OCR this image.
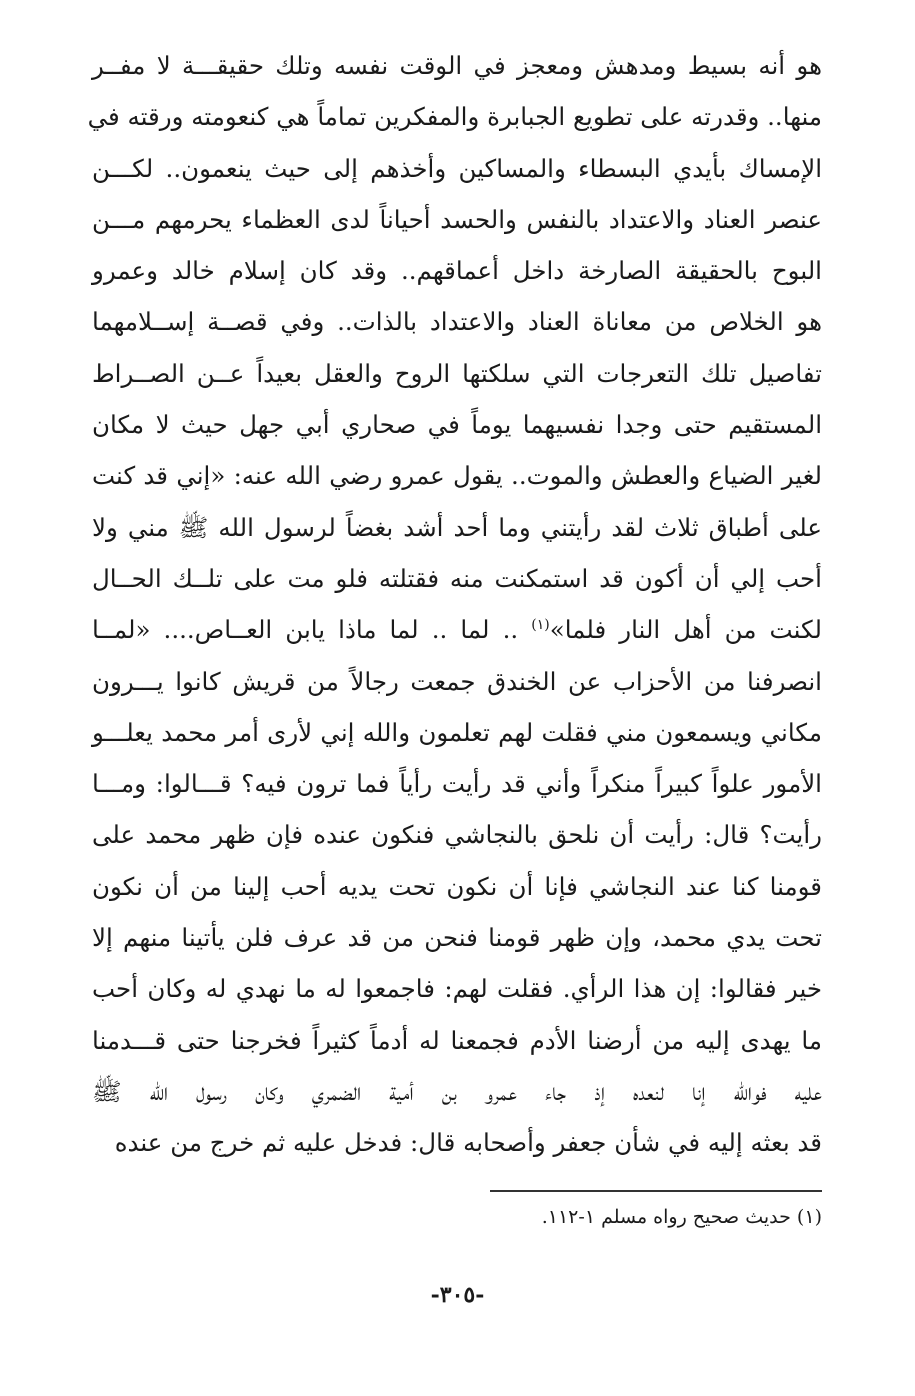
هو أنه بسيط ومدهش ومعجز في الوقت نفسه وتلك حقيقـــة لا مفــر
منها.. وقدرته على تطويع الجبابرة والمفكرين تماماً هي كنعومته ورقته في
الإمساك بأيدي البسطاء والمساكين وأخذهم إلى حيث ينعمون.. لكـــن
عنصر العناد والاعتداد بالنفس والحسد أحياناً لدى العظماء يحرمهم مـــن
البوح بالحقيقة الصارخة داخل أعماقهم.. وقد كان إسلام خالد وعمرو
هو الخلاص من معاناة العناد والاعتداد بالذات.. وفي قصــة إســلامهما
تفاصيل تلك التعرجات التي سلكتها الروح والعقل بعيداً عــن الصــراط
المستقيم حتى وجدا نفسيهما يوماً في صحاري أبي جهل حيث لا مكان
لغير الضياع والعطش والموت.. يقول عمرو رضي الله عنه: «إني قد كنت
على أطباق ثلاث لقد رأيتني وما أحد أشد بغضاً لرسول الله ﷺ مني ولا
أحب إلي أن أكون قد استمكنت منه فقتلته فلو مت على تلــك الحــال
لكنت من أهل النار فلما»$^{(١)}$ .. لما .. لما ماذا يابن العــاص.... «لمــا
انصرفنا من الأحزاب عن الخندق جمعت رجالاً من قريش كانوا يـــرون
مكاني ويسمعون مني فقلت لهم تعلمون والله إني لأرى أمر محمد يعلـــو
الأمور علواً كبيراً منكراً وأني قد رأيت رأياً فما ترون فيه؟ قـــالوا: ومـــا
رأيت؟ قال: رأيت أن نلحق بالنجاشي فنكون عنده فإن ظهر محمد على
قومنا كنا عند النجاشي فإنا أن نكون تحت يديه أحب إلينا من أن نكون
تحت يدي محمد، وإن ظهر قومنا فنحن من قد عرف فلن يأتينا منهم إلا
خير فقالوا: إن هذا الرأي. فقلت لهم: فاجمعوا له ما نهدي له وكان أحب
ما يهدى إليه من أرضنا الأدم فجمعنا له أدماً كثيراً فخرجنا حتى قـــدمنا
عليه فوالله إنا لنعده إذ جاء عمرو بن أمية الضمري وكان رسول الله ﷺ
قد بعثه إليه في شأن جعفر وأصحابه قال: فدخل عليه ثم خرج من عنده
(١) حديث صحيح رواه مسلم ١-١١٢.
-٣٠٥-
